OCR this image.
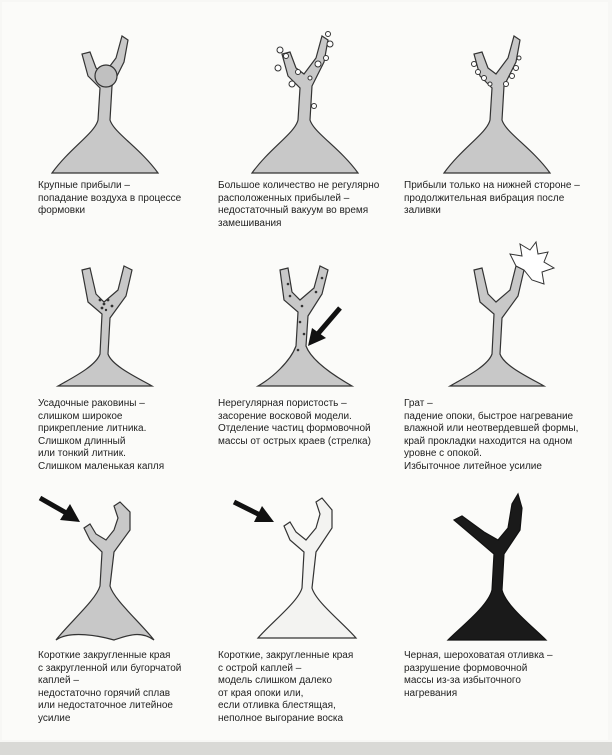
Крупные прибыли –
попадание воздуха в процессе
формовки
Большое количество не регулярно
расположенных прибылей –
недостаточный вакуум во время
замешивания
Прибыли только на нижней стороне –
продолжительная вибрация после
заливки
Усадочные раковины –
слишком широкое
прикрепление литника.
Слишком длинный
или тонкий литник.
Слишком маленькая капля
Нерегулярная пористость –
засорение восковой модели.
Отделение частиц формовочной
массы от острых краев (стрелка)
Грат –
падение опоки, быстрое нагревание
влажной или неотвердевшей формы,
край прокладки находится на одном
уровне с опокой.
Избыточное литейное усилие
Короткие закругленные края
с закругленной или бугорчатой
каплей –
недостаточно горячий сплав
или недостаточное литейное
усилие
Короткие, закругленные края
с острой каплей –
модель слишком далеко
от края опоки или,
если отливка блестящая,
неполное выгорание воска
Черная, шероховатая отливка –
разрушение формовочной
массы из-за избыточного
нагревания
